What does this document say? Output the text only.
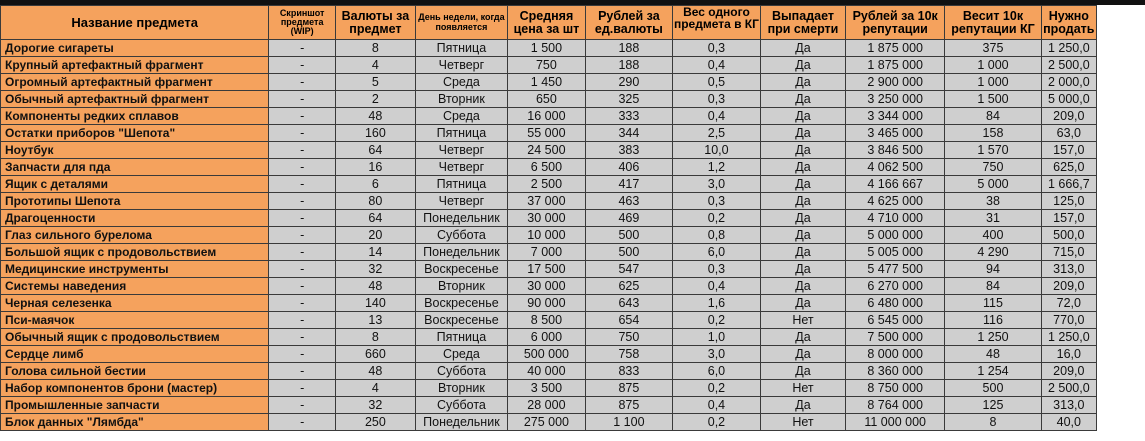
Название предмета	Скриншот предмета (WIP)	Валюты за предмет	День недели, когда появляется	Средняя цена за шт	Рублей за ед.валюты	Вес одного предмета в КГ	Выпадает при смерти	Рублей за 10к репутации	Весит 10к репутации КГ	Нужно продать
Дорогие сигареты	-	8	Пятница	1 500	188	0,3	Да	1 875 000	375	1 250,0
Крупный артефактный фрагмент	-	4	Четверг	750	188	0,4	Да	1 875 000	1 000	2 500,0
Огромный артефактный фрагмент	-	5	Среда	1 450	290	0,5	Да	2 900 000	1 000	2 000,0
Обычный артефактный фрагмент	-	2	Вторник	650	325	0,3	Да	3 250 000	1 500	5 000,0
Компоненты редких сплавов	-	48	Среда	16 000	333	0,4	Да	3 344 000	84	209,0
Остатки приборов "Шепота"	-	160	Пятница	55 000	344	2,5	Да	3 465 000	158	63,0
Ноутбук	-	64	Четверг	24 500	383	10,0	Да	3 846 500	1 570	157,0
Запчасти для пда	-	16	Четверг	6 500	406	1,2	Да	4 062 500	750	625,0
Ящик с деталями	-	6	Пятница	2 500	417	3,0	Да	4 166 667	5 000	1 666,7
Прототипы Шепота	-	80	Четверг	37 000	463	0,3	Да	4 625 000	38	125,0
Драгоценности	-	64	Понедельник	30 000	469	0,2	Да	4 710 000	31	157,0
Глаз сильного бурелома	-	20	Суббота	10 000	500	0,8	Да	5 000 000	400	500,0
Большой ящик с продовольствием	-	14	Понедельник	7 000	500	6,0	Да	5 005 000	4 290	715,0
Медицинские инструменты	-	32	Воскресенье	17 500	547	0,3	Да	5 477 500	94	313,0
Системы наведения	-	48	Вторник	30 000	625	0,4	Да	6 270 000	84	209,0
Черная селезенка	-	140	Воскресенье	90 000	643	1,6	Да	6 480 000	115	72,0
Пси-маячок	-	13	Воскресенье	8 500	654	0,2	Нет	6 545 000	116	770,0
Обычный ящик с продовольствием	-	8	Пятница	6 000	750	1,0	Да	7 500 000	1 250	1 250,0
Сердце лимб	-	660	Среда	500 000	758	3,0	Да	8 000 000	48	16,0
Голова сильной бестии	-	48	Суббота	40 000	833	6,0	Да	8 360 000	1 254	209,0
Набор компонентов брони (мастер)	-	4	Вторник	3 500	875	0,2	Нет	8 750 000	500	2 500,0
Промышленные запчасти	-	32	Суббота	28 000	875	0,4	Да	8 764 000	125	313,0
Блок данных "Лямбда"	-	250	Понедельник	275 000	1 100	0,2	Нет	11 000 000	8	40,0
